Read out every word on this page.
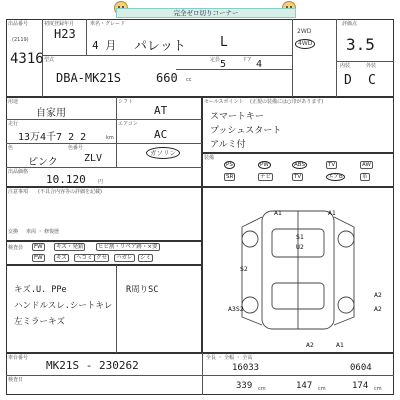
完全ゼロ切りコーナー
出品番号
(2119)
4316
初度登録年月
H23
4 月
車名・グレード
パレット	L
型式
DBA-MK21S	660 cc
定員 5	ドア 4
2WD
4WD
評価点
3.5
内装	外装
D C
用途
自家用
シフト
AT
走行
13万4千7 2 2	km
エアコン
AC
色
ピンク
色番号
ZLV	ガソリン
出品価格
10.120 円
セールスポイント (正規の装備には○印があります)
スマートキー
プッシュスタート
アルミ付
装備
PS	PW	ABS	TV	AW
SR	ナビ	TV	エアB	革
注意事項 (不具合内容等の詳細を記載)
交換 車両 ・ 修復歴
検査員	FW	キズ・発錆	ヒビ割・リペア跡・×要
FW	キズ	ヘコミ クセ	ハガレ	シミ
キズ.U. PPe
ハンドルスレ.シートキレ
左ミラーキズ
R周りSC
A1	A1
S1
U2
S2
A2
A3S2	A2
A2	A1
車台番号
MK21S - 230262
検査日
全長 ・ 全幅 ・ 全高
16033	0604
339 cm	147 cm	174 cm
